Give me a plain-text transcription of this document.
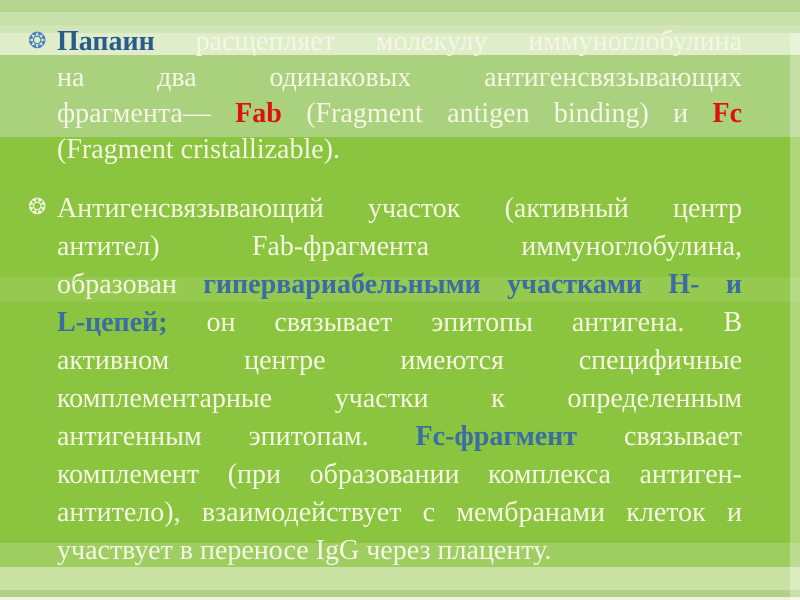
❂ Папаин расщепляет молекулу иммуноглобулина
на два одинаковых антигенсвязывающих
фрагмента— Fab (Fragment antigen binding) и Fc
(Fragment cristallizable).
❂ Антигенсвязывающий участок (активный центр
антител) Fab-фрагмента иммуноглобулина,
образован гипервариабельными участками H- и
L-цепей; он связывает эпитопы антигена. В
активном центре имеются специфичные
комплементарные участки к определенным
антигенным эпитопам. Fc-фрагмент связывает
комплемент (при образовании комплекса антиген-
антитело), взаимодействует с мембранами клеток и
участвует в переносе IgG через плаценту.
